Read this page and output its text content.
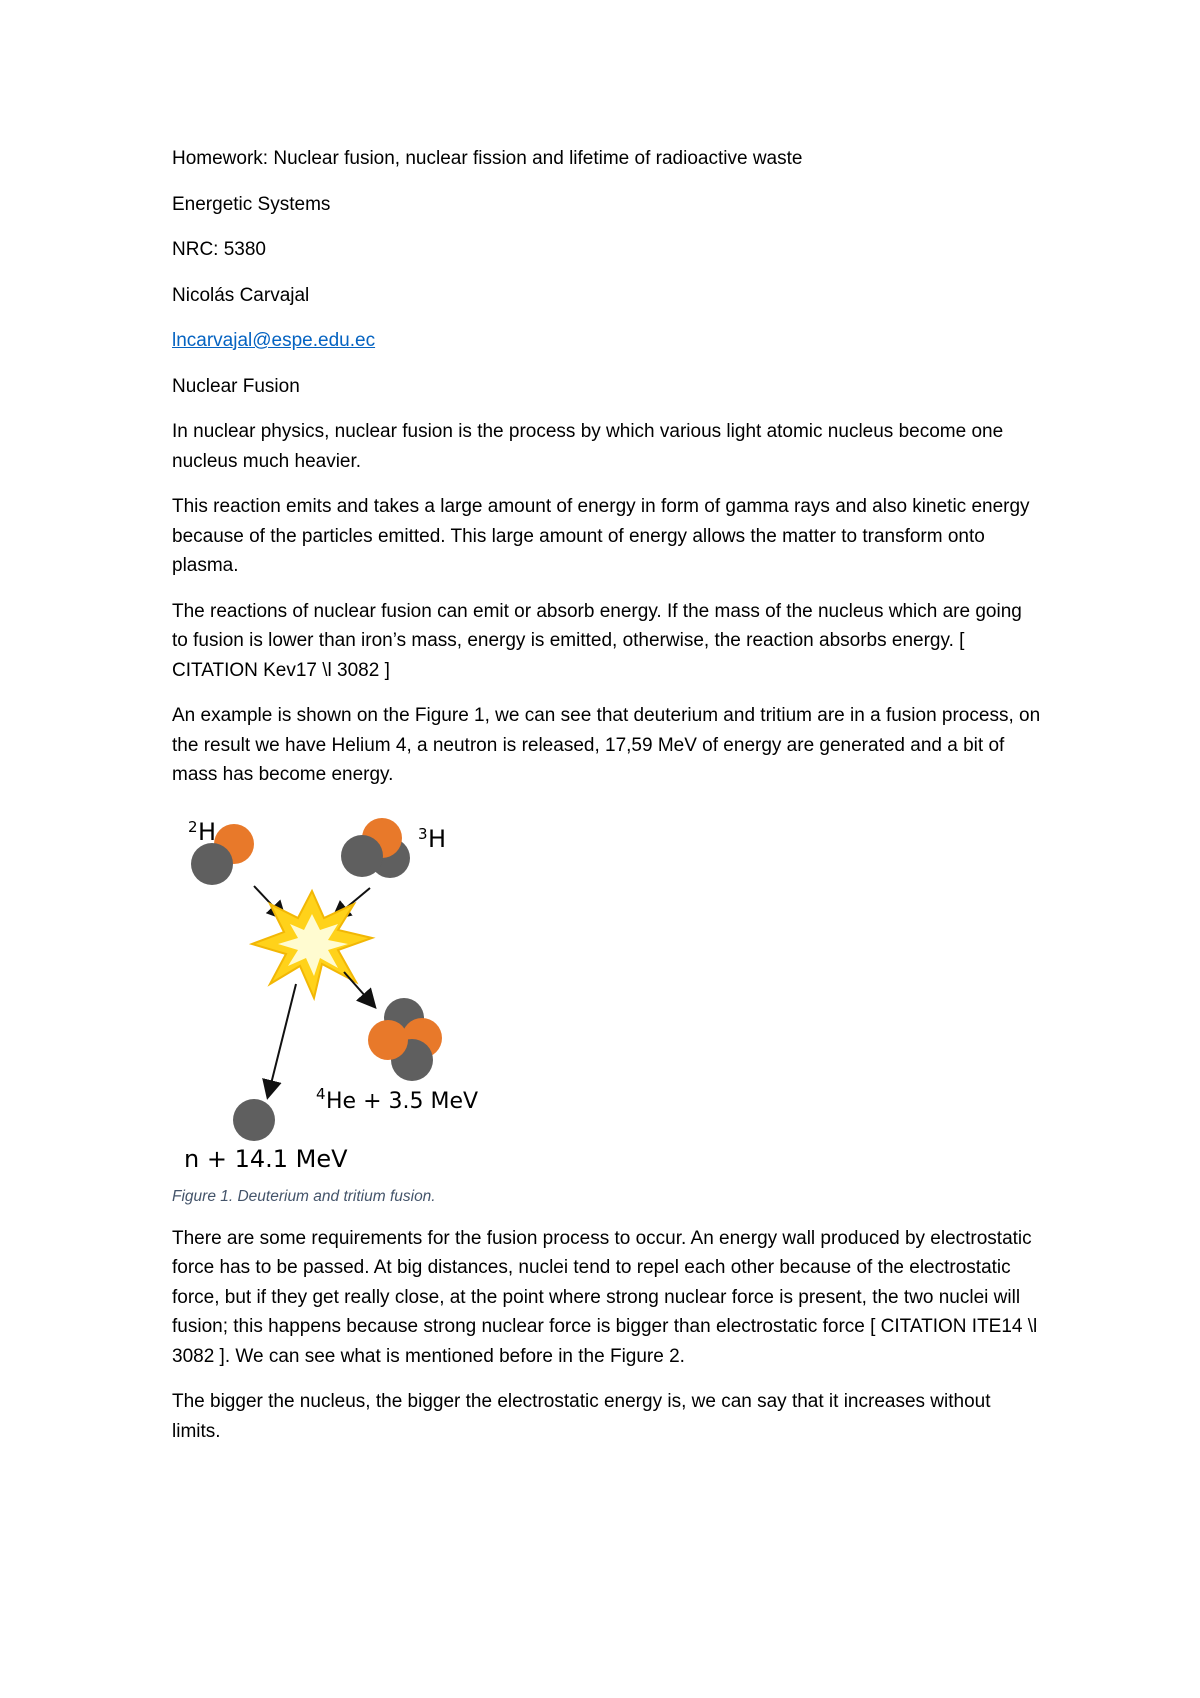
Homework: Nuclear fusion, nuclear fission and lifetime of radioactive waste

Energetic Systems

NRC: 5380

Nicolás Carvajal

lncarvajal@espe.edu.ec

Nuclear Fusion

In nuclear physics, nuclear fusion is the process by which various light atomic nucleus become one nucleus much heavier.

This reaction emits and takes a large amount of energy in form of gamma rays and also kinetic energy because of the particles emitted. This large amount of energy allows the matter to transform onto plasma.

The reactions of nuclear fusion can emit or absorb energy. If the mass of the nucleus which are going to fusion is lower than iron’s mass, energy is emitted, otherwise, the reaction absorbs energy. [ CITATION Kev17 \l 3082 ]

An example is shown on the Figure 1, we can see that deuterium and tritium are in a fusion process, on the result we have Helium 4, a neutron is released, 17,59 MeV of energy are generated and a bit of mass has become energy.

2 H	3 H
4 He + 3.5 MeV
n + 14.1 MeV

Figure 1. Deuterium and tritium fusion.

There are some requirements for the fusion process to occur. An energy wall produced by electrostatic force has to be passed. At big distances, nuclei tend to repel each other because of the electrostatic force, but if they get really close, at the point where strong nuclear force is present, the two nuclei will fusion; this happens because strong nuclear force is bigger than electrostatic force [ CITATION ITE14 \l 3082 ]. We can see what is mentioned before in the Figure 2.

The bigger the nucleus, the bigger the electrostatic energy is, we can say that it increases without limits.
